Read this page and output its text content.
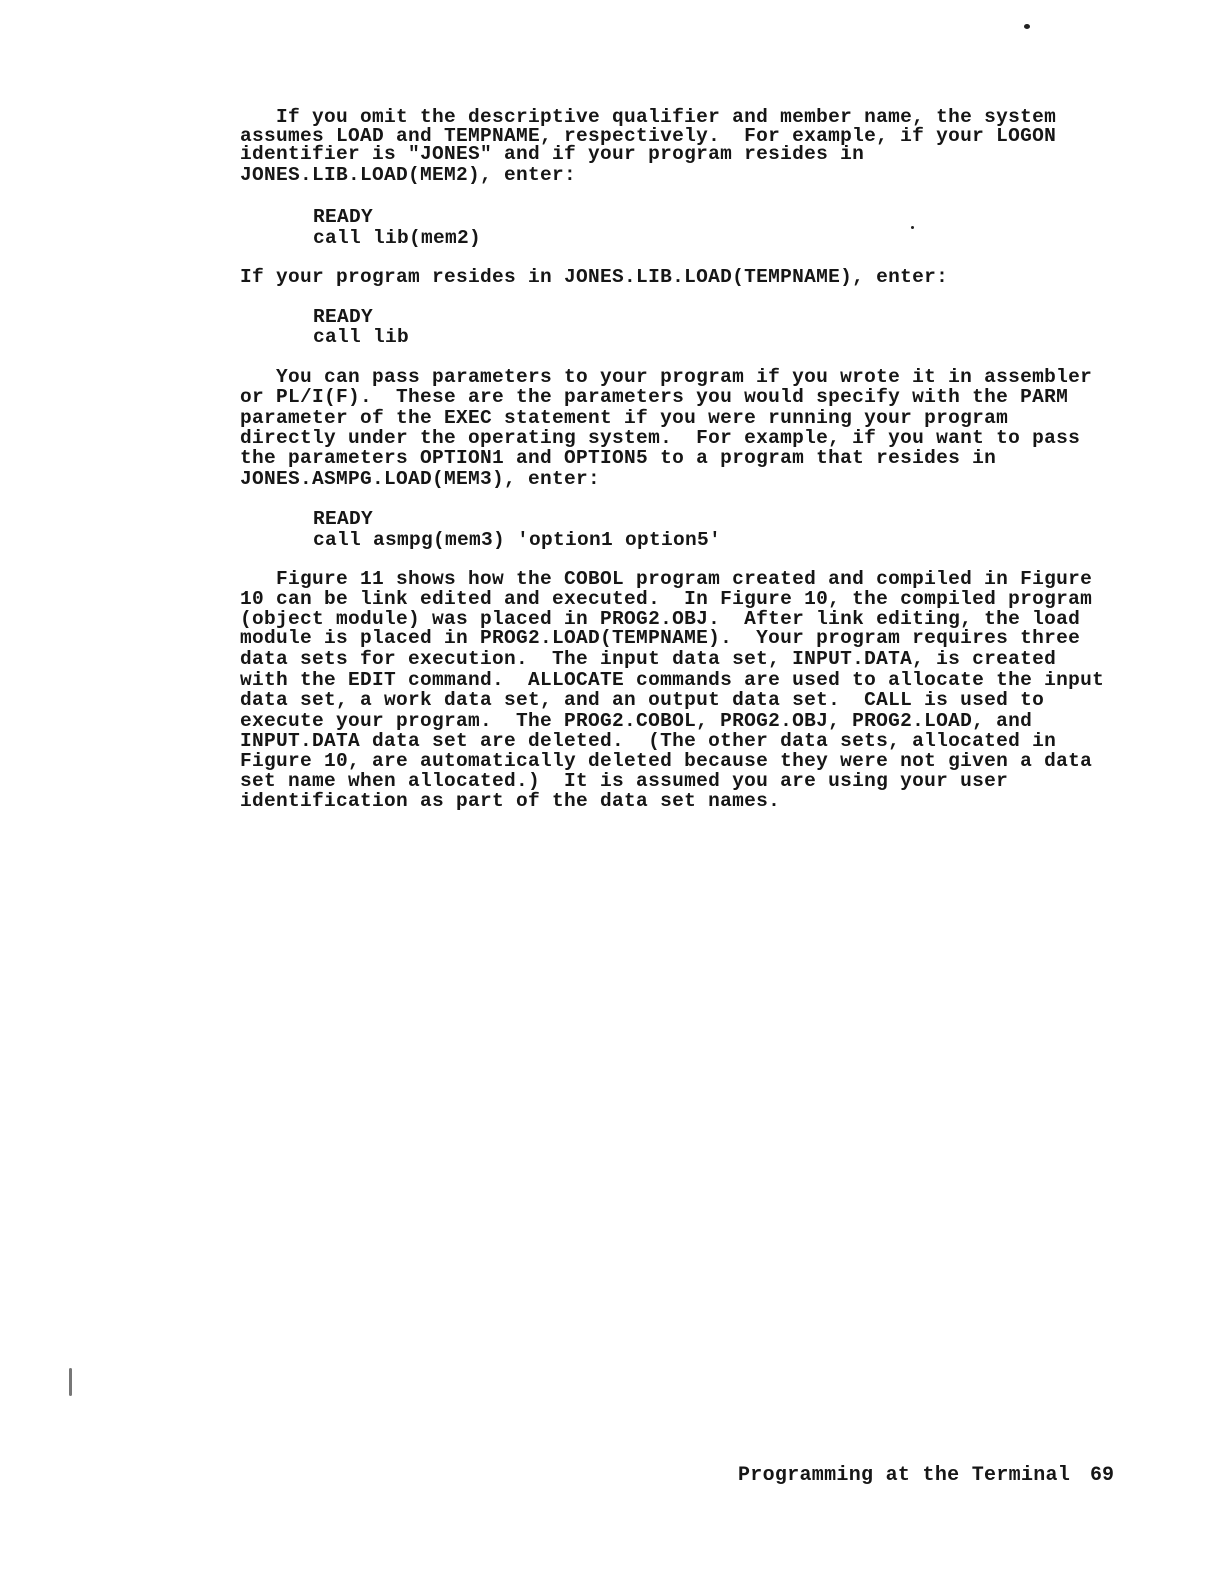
If you omit the descriptive qualifier and member name, the system
assumes LOAD and TEMPNAME, respectively.  For example, if your LOGON
identifier is "JONES" and if your program resides in
JONES.LIB.LOAD(MEM2), enter:
READY
call lib(mem2)
If your program resides in JONES.LIB.LOAD(TEMPNAME), enter:
READY
call lib
You can pass parameters to your program if you wrote it in assembler
or PL/I(F).  These are the parameters you would specify with the PARM
parameter of the EXEC statement if you were running your program
directly under the operating system.  For example, if you want to pass
the parameters OPTION1 and OPTION5 to a program that resides in
JONES.ASMPG.LOAD(MEM3), enter:
READY
call asmpg(mem3) 'option1 option5'
Figure 11 shows how the COBOL program created and compiled in Figure
10 can be link edited and executed.  In Figure 10, the compiled program
(object module) was placed in PROG2.OBJ.  After link editing, the load
module is placed in PROG2.LOAD(TEMPNAME).  Your program requires three
data sets for execution.  The input data set, INPUT.DATA, is created
with the EDIT command.  ALLOCATE commands are used to allocate the input
data set, a work data set, and an output data set.  CALL is used to
execute your program.  The PROG2.COBOL, PROG2.OBJ, PROG2.LOAD, and
INPUT.DATA data set are deleted.  (The other data sets, allocated in
Figure 10, are automatically deleted because they were not given a data
set name when allocated.)  It is assumed you are using your user
identification as part of the data set names.
Programming at the Terminal 69
